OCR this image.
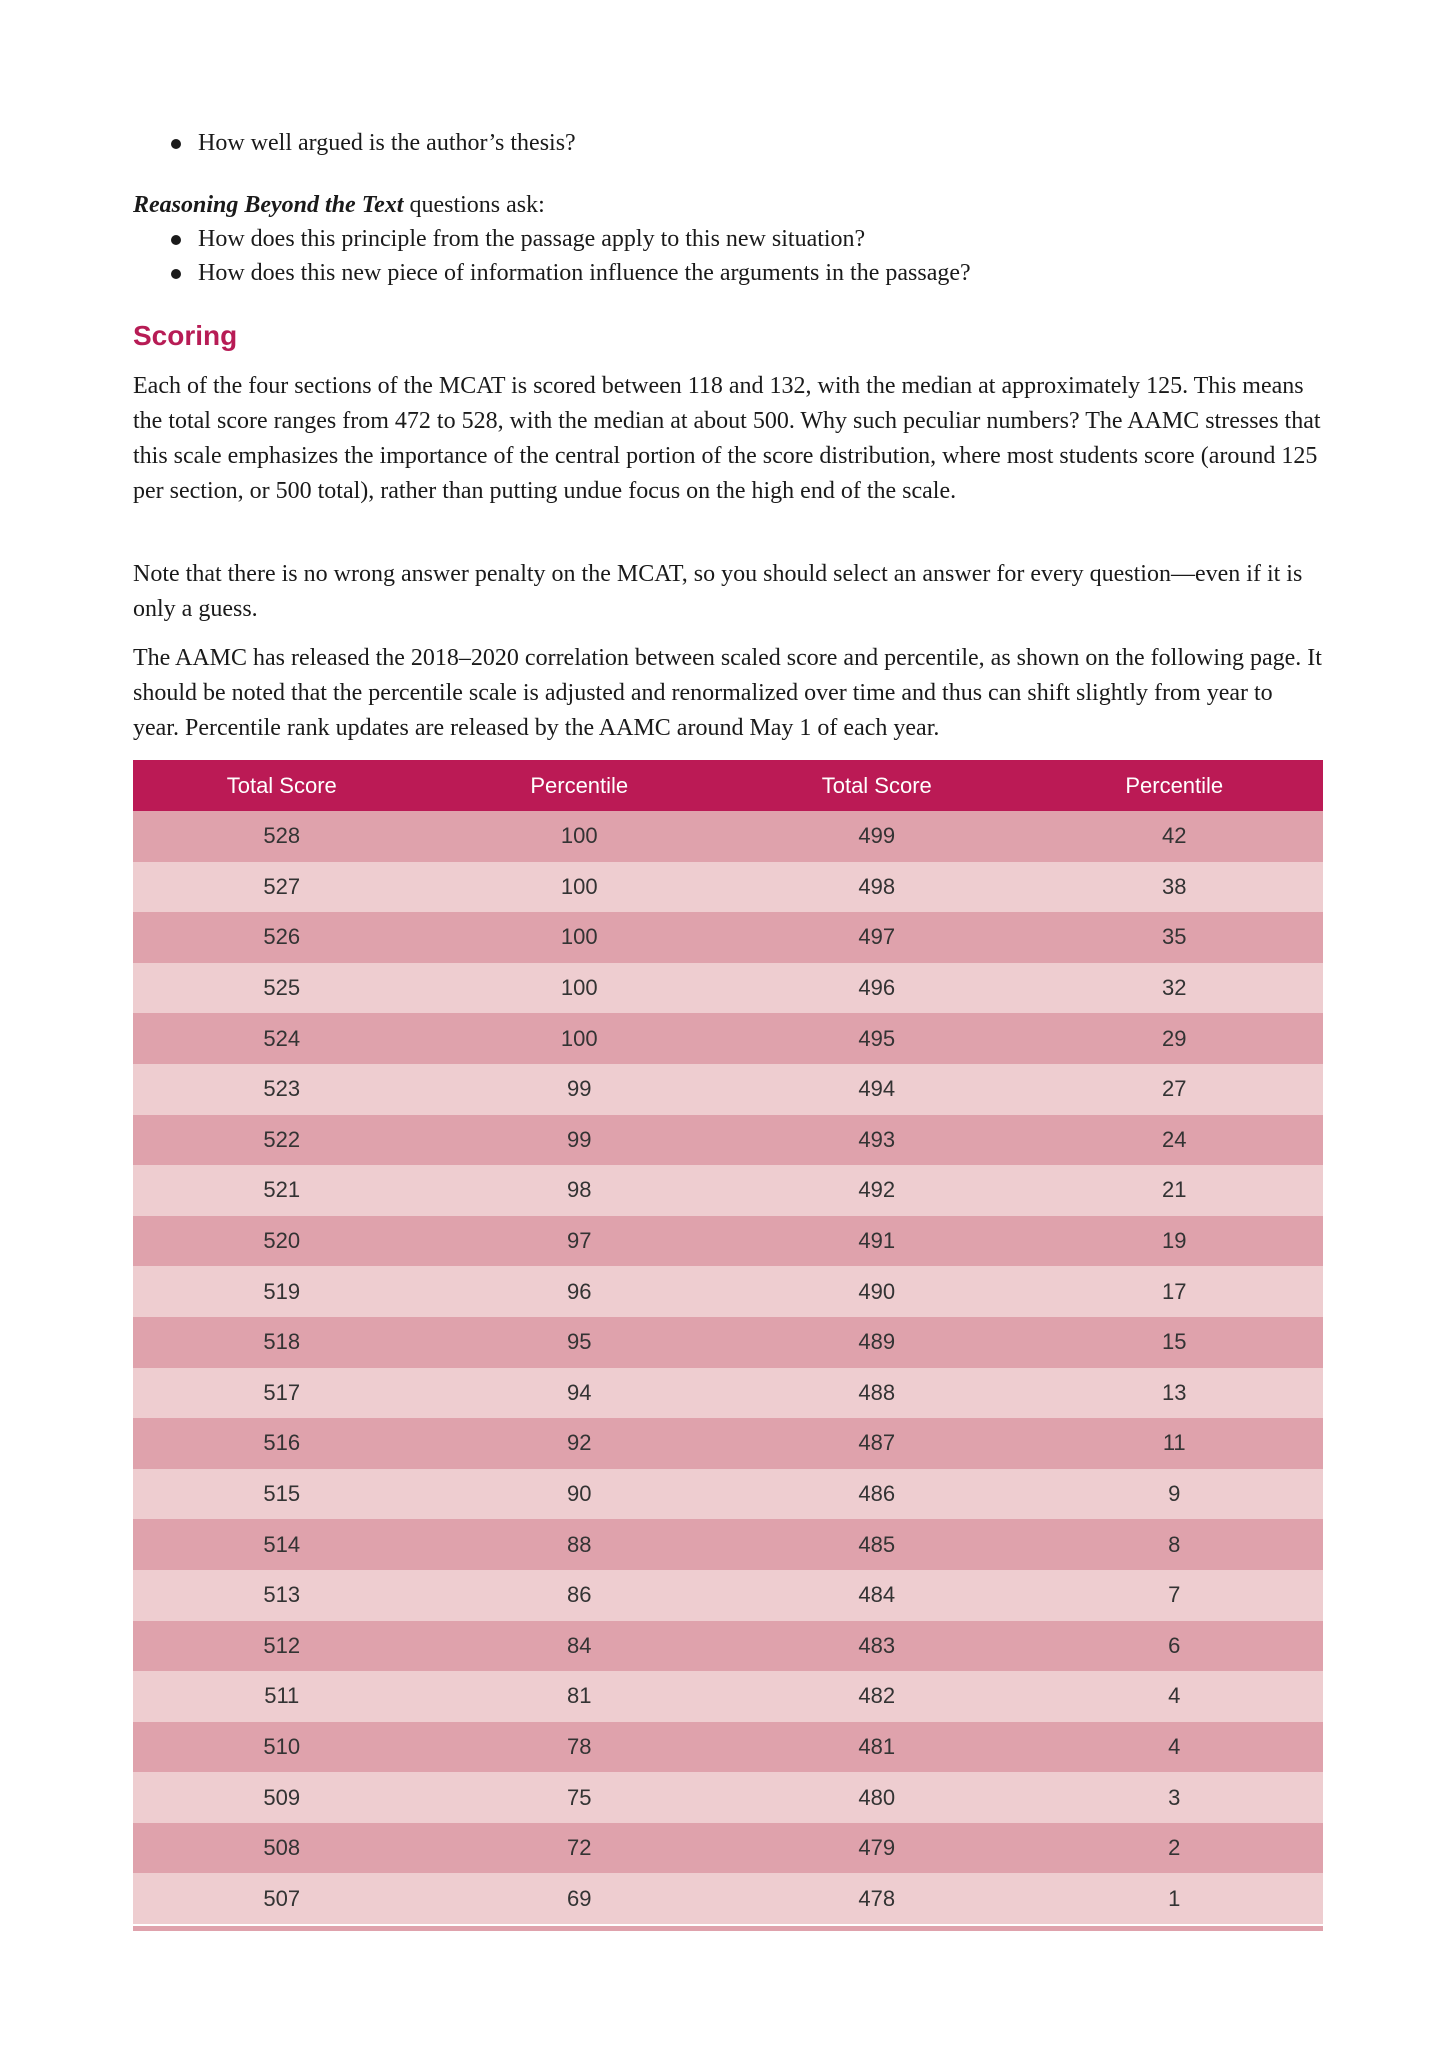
How well argued is the author’s thesis?

Reasoning Beyond the Text questions ask:

How does this principle from the passage apply to this new situation?
How does this new piece of information influence the arguments in the passage?
Scoring

Each of the four sections of the MCAT is scored between 118 and 132, with the median at approximately 125. This means the total score ranges from 472 to 528, with the median at about 500. Why such peculiar numbers? The AAMC stresses that this scale emphasizes the importance of the central portion of the score distribution, where most students score (around 125 per section, or 500 total), rather than putting undue focus on the high end of the scale.

Note that there is no wrong answer penalty on the MCAT, so you should select an answer for every question—even if it is only a guess.

The AAMC has released the 2018–2020 correlation between scaled score and percentile, as shown on the following page. It should be noted that the percentile scale is adjusted and renormalized over time and thus can shift slightly from year to year. Percentile rank updates are released by the AAMC around May 1 of each year.

Total Score	Percentile	Total Score	Percentile
528	100	499	42
527	100	498	38
526	100	497	35
525	100	496	32
524	100	495	29
523	99	494	27
522	99	493	24
521	98	492	21
520	97	491	19
519	96	490	17
518	95	489	15
517	94	488	13
516	92	487	11
515	90	486	9
514	88	485	8
513	86	484	7
512	84	483	6
511	81	482	4
510	78	481	4
509	75	480	3
508	72	479	2
507	69	478	1
